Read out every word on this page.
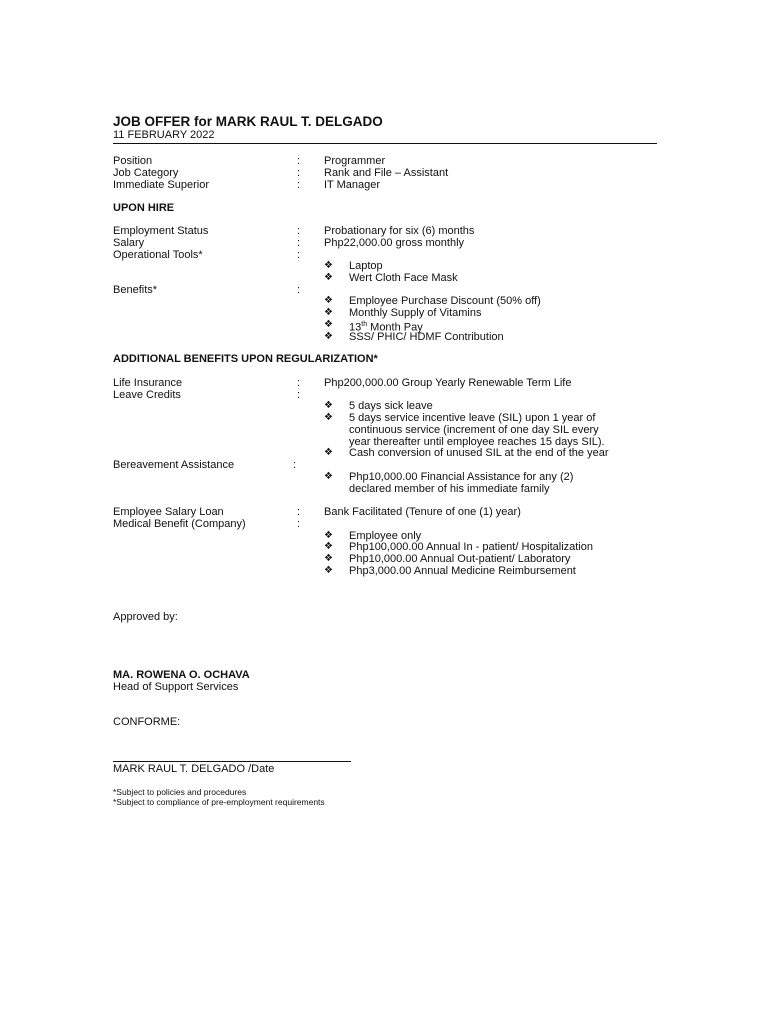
JOB OFFER for MARK RAUL T. DELGADO
11 FEBRUARY 2022
Position	: Programmer
Job Category	: Rank and File – Assistant
Immediate Superior	: IT Manager
UPON HIRE
Employment Status	: Probationary for six (6) months
Salary	: Php22,000.00 gross monthly
Operational Tools*	:
❖ Laptop
❖ Wert Cloth Face Mask
Benefits*	:
❖ Employee Purchase Discount (50% off)
❖ Monthly Supply of Vitamins
❖ 13th Month Pay
❖ SSS/ PHIC/ HDMF Contribution
ADDITIONAL BENEFITS UPON REGULARIZATION*
Life Insurance	: Php200,000.00 Group Yearly Renewable Term Life
Leave Credits	:
❖ 5 days sick leave
❖ 5 days service incentive leave (SIL) upon 1 year of
continuous service (increment of one day SIL every
year thereafter until employee reaches 15 days SIL).
❖ Cash conversion of unused SIL at the end of the year
Bereavement Assistance	:
❖ Php10,000.00 Financial Assistance for any (2)
declared member of his immediate family
Employee Salary Loan	: Bank Facilitated (Tenure of one (1) year)
Medical Benefit (Company)	:
❖ Employee only
❖ Php100,000.00 Annual In - patient/ Hospitalization
❖ Php10,000.00 Annual Out-patient/ Laboratory
❖ Php3,000.00 Annual Medicine Reimbursement
Approved by:
MA. ROWENA O. OCHAVA
Head of Support Services
CONFORME:
MARK RAUL T. DELGADO /Date
*Subject to policies and procedures
*Subject to compliance of pre-employment requirements
